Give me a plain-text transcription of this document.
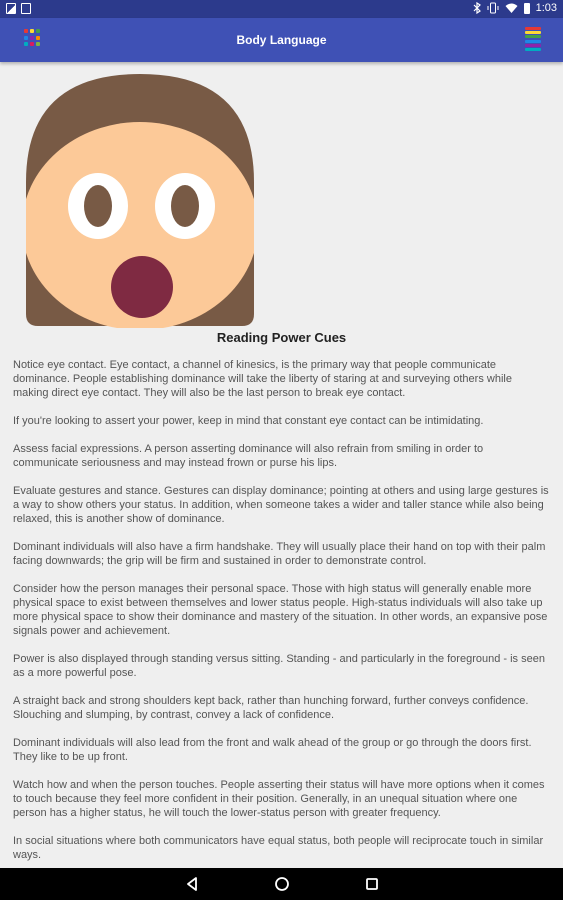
1:03
Body Language
Reading Power Cues

Notice eye contact. Eye contact, a channel of kinesics, is the primary way that people communicate dominance. People establishing dominance will take the liberty of staring at and surveying others while making direct eye contact. They will also be the last person to break eye contact.

If you're looking to assert your power, keep in mind that constant eye contact can be intimidating.

Assess facial expressions. A person asserting dominance will also refrain from smiling in order to communicate seriousness and may instead frown or purse his lips.

Evaluate gestures and stance. Gestures can display dominance; pointing at others and using large gestures is a way to show others your status. In addition, when someone takes a wider and taller stance while also being relaxed, this is another show of dominance.

Dominant individuals will also have a firm handshake. They will usually place their hand on top with their palm facing downwards; the grip will be firm and sustained in order to demonstrate control.

Consider how the person manages their personal space. Those with high status will generally enable more physical space to exist between themselves and lower status people. High-status individuals will also take up more physical space to show their dominance and mastery of the situation. In other words, an expansive pose signals power and achievement.

Power is also displayed through standing versus sitting. Standing - and particularly in the foreground - is seen as a more powerful pose.

A straight back and strong shoulders kept back, rather than hunching forward, further conveys confidence. Slouching and slumping, by contrast, convey a lack of confidence.

Dominant individuals will also lead from the front and walk ahead of the group or go through the doors first. They like to be up front.

Watch how and when the person touches. People asserting their status will have more options when it comes to touch because they feel more confident in their position. Generally, in an unequal situation where one person has a higher status, he will touch the lower-status person with greater frequency.

In social situations where both communicators have equal status, both people will reciprocate touch in similar ways.
